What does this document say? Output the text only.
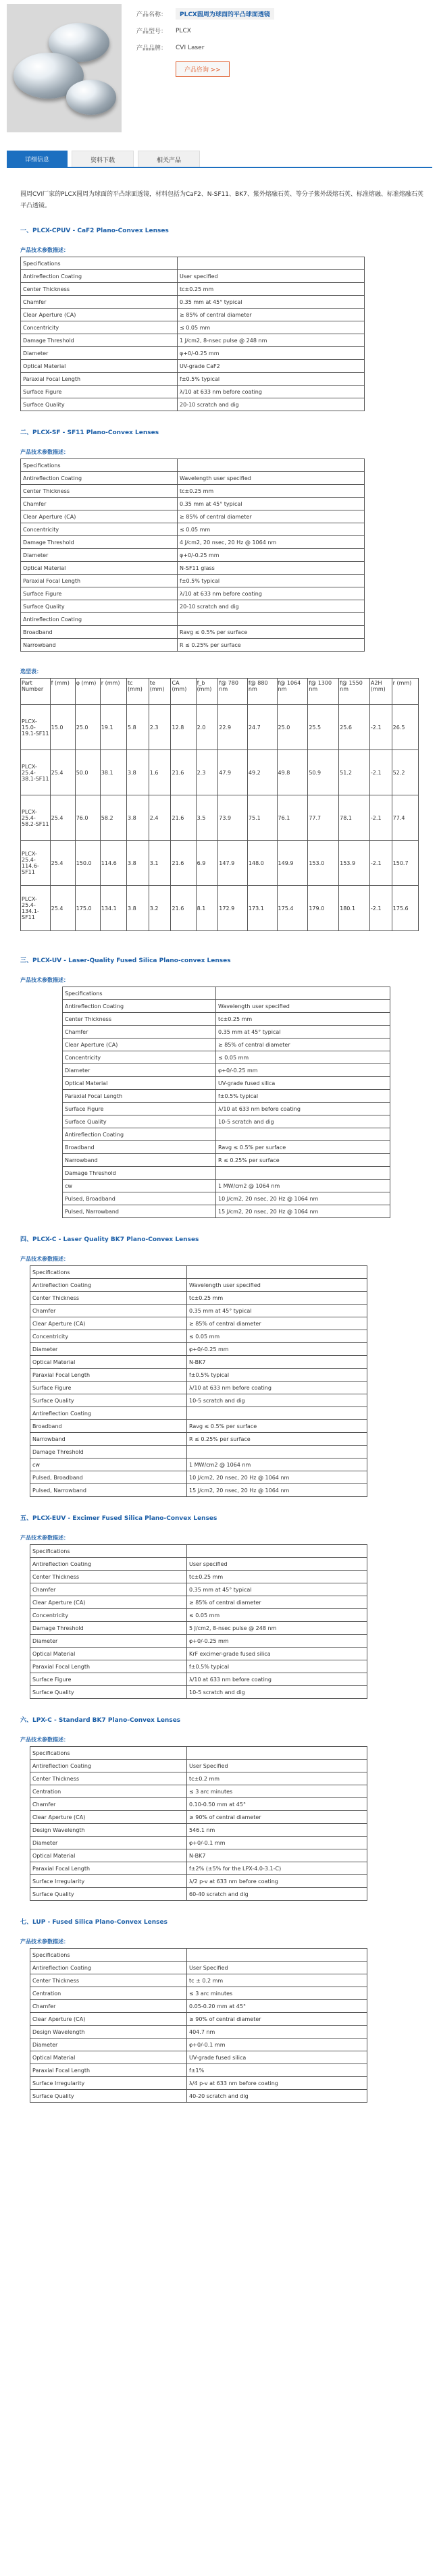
产品名称：	PLCX圆周为球面的平凸球面透镜
产品型号：	PLCX
产品品牌：	CVI Laser
产品咨询 >>
详细信息	资料下载	相关产品

圆周CVI厂家的PLCX圆周为球面的平凸球面透镜，材料包括为CaF2、N-SF11、BK7、紫外熔融石英、等分子紫外级熔石英、标准熔融、标准熔融石英平凸透镜。

一、PLCX-CPUV - CaF2 Plano-Convex Lenses
产品技术参数描述：
Specifications	
Antireflection Coating	User specified
Center Thickness	tc±0.25 mm
Chamfer	0.35 mm at 45° typical
Clear Aperture (CA)	≥ 85% of central diameter
Concentricity	≤ 0.05 mm
Damage Threshold	1 J/cm2, 8-nsec pulse @ 248 nm
Diameter	φ+0/-0.25 mm
Optical Material	UV-grade CaF2
Paraxial Focal Length	f±0.5% typical
Surface Figure	λ/10 at 633 nm before coating
Surface Quality	20-10 scratch and dig
二、PLCX-SF - SF11 Plano-Convex Lenses
产品技术参数描述：
Specifications	
Antireflection Coating	Wavelength user specified
Center Thickness	tc±0.25 mm
Chamfer	0.35 mm at 45° typical
Clear Aperture (CA)	≥ 85% of central diameter
Concentricity	≤ 0.05 mm
Damage Threshold	4 J/cm2, 20 nsec, 20 Hz @ 1064 nm
Diameter	φ+0/-0.25 mm
Optical Material	N-SF11 glass
Paraxial Focal Length	f±0.5% typical
Surface Figure	λ/10 at 633 nm before coating
Surface Quality	20-10 scratch and dig
Antireflection Coating	
Broadband	Ravg ≤ 0.5% per surface
Narrowband	R ≤ 0.25% per surface
选型表：
Part Number	f (mm)	φ (mm)	r (mm)	tc (mm)	te (mm)	CA (mm)	f_b (mm)	f@ 780 nm	f@ 880 nm	f@ 1064 nm	f@ 1300 nm	f@ 1550 nm	A2H (mm)	r (mm)
PLCX-15.0-19.1-SF11	15.0	25.0	19.1	5.8	2.3	12.8	2.0	22.9	24.7	25.0	25.5	25.6	-2.1	26.5
PLCX-25.4-38.1-SF11	25.4	50.0	38.1	3.8	1.6	21.6	2.3	47.9	49.2	49.8	50.9	51.2	-2.1	52.2
PLCX-25.4-58.2-SF11	25.4	76.0	58.2	3.8	2.4	21.6	3.5	73.9	75.1	76.1	77.7	78.1	-2.1	77.4
PLCX-25.4-114.6-SF11	25.4	150.0	114.6	3.8	3.1	21.6	6.9	147.9	148.0	149.9	153.0	153.9	-2.1	150.7
PLCX-25.4-134.1-SF11	25.4	175.0	134.1	3.8	3.2	21.6	8.1	172.9	173.1	175.4	179.0	180.1	-2.1	175.6
三、PLCX-UV - Laser-Quality Fused Silica Plano-convex Lenses
产品技术参数描述：
Specifications	
Antireflection Coating	Wavelength user specified
Center Thickness	tc±0.25 mm
Chamfer	0.35 mm at 45° typical
Clear Aperture (CA)	≥ 85% of central diameter
Concentricity	≤ 0.05 mm
Diameter	φ+0/-0.25 mm
Optical Material	UV-grade fused silica
Paraxial Focal Length	f±0.5% typical
Surface Figure	λ/10 at 633 nm before coating
Surface Quality	10-5 scratch and dig
Antireflection Coating	
Broadband	Ravg ≤ 0.5% per surface
Narrowband	R ≤ 0.25% per surface
Damage Threshold	
cw	1 MW/cm2 @ 1064 nm
Pulsed, Broadband	10 J/cm2, 20 nsec, 20 Hz @ 1064 nm
Pulsed, Narrowband	15 J/cm2, 20 nsec, 20 Hz @ 1064 nm
四、PLCX-C - Laser Quality BK7 Plano-Convex Lenses
产品技术参数描述：
Specifications	
Antireflection Coating	Wavelength user specified
Center Thickness	tc±0.25 mm
Chamfer	0.35 mm at 45° typical
Clear Aperture (CA)	≥ 85% of central diameter
Concentricity	≤ 0.05 mm
Diameter	φ+0/-0.25 mm
Optical Material	N-BK7
Paraxial Focal Length	f±0.5% typical
Surface Figure	λ/10 at 633 nm before coating
Surface Quality	10-5 scratch and dig
Antireflection Coating	
Broadband	Ravg ≤ 0.5% per surface
Narrowband	R ≤ 0.25% per surface
Damage Threshold	
cw	1 MW/cm2 @ 1064 nm
Pulsed, Broadband	10 J/cm2, 20 nsec, 20 Hz @ 1064 nm
Pulsed, Narrowband	15 J/cm2, 20 nsec, 20 Hz @ 1064 nm
五、PLCX-EUV - Excimer Fused Silica Plano-Convex Lenses
产品技术参数描述：
Specifications	
Antireflection Coating	User specified
Center Thickness	tc±0.25 mm
Chamfer	0.35 mm at 45° typical
Clear Aperture (CA)	≥ 85% of central diameter
Concentricity	≤ 0.05 mm
Damage Threshold	5 J/cm2, 8-nsec pulse @ 248 nm
Diameter	φ+0/-0.25 mm
Optical Material	KrF excimer-grade fused silica
Paraxial Focal Length	f±0.5% typical
Surface Figure	λ/10 at 633 nm before coating
Surface Quality	10-5 scratch and dig
六、LPX-C - Standard BK7 Plano-Convex Lenses
产品技术参数描述：
Specifications	
Antireflection Coating	User Specified
Center Thickness	tc±0.2 mm
Centration	≤ 3 arc minutes
Chamfer	0.10-0.50 mm at 45°
Clear Aperture (CA)	≥ 90% of central diameter
Design Wavelength	546.1 nm
Diameter	φ+0/-0.1 mm
Optical Material	N-BK7
Paraxial Focal Length	f±2% (±5% for the LPX-4.0-3.1-C)
Surface Irregularity	λ/2 p-v at 633 nm before coating
Surface Quality	60-40 scratch and dig
七、LUP - Fused Silica Plano-Convex Lenses
产品技术参数描述：
Specifications	
Antireflection Coating	User Specified
Center Thickness	tc ± 0.2 mm
Centration	≤ 3 arc minutes
Chamfer	0.05-0.20 mm at 45°
Clear Aperture (CA)	≥ 90% of central diameter
Design Wavelength	404.7 nm
Diameter	φ+0/-0.1 mm
Optical Material	UV-grade fused silica
Paraxial Focal Length	f±1%
Surface Irregularity	λ/4 p-v at 633 nm before coating
Surface Quality	40-20 scratch and dig
